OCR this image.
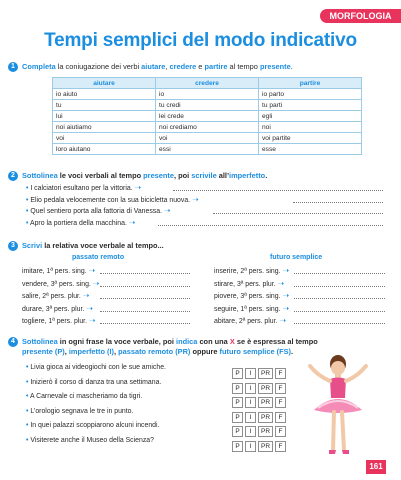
MORFOLOGIA
Tempi semplici del modo indicativo
1 Completa la coniugazione dei verbi aiutare, credere e partire al tempo presente.
aiutare	credere	partire
io aiuto	io	io parto
tu	tu credi	tu parti
lui	lei crede	egli
noi aiutiamo	noi crediamo	noi
voi	voi	voi partite
loro aiutano	essi	esse
2 Sottolinea le voci verbali al tempo presente, poi scrivile all’imperfetto.
• I calciatori esultano per la vittoria. ➝
• Elio pedala velocemente con la sua bicicletta nuova. ➝
• Quel sentiero porta alla fattoria di Vanessa. ➝
• Apro la portiera della macchina. ➝
3 Scrivi la relativa voce verbale al tempo...
passato remoto	futuro semplice
imitare, 1ª pers. sing. ➝	inserire, 2ª pers. sing. ➝
vendere, 3ª pers. sing. ➝	stirare, 3ª pers. plur. ➝
salire, 2ª pers. plur. ➝	piovere, 3ª pers. sing. ➝
durare, 3ª pers. plur. ➝	seguire, 1ª pers. sing. ➝
togliere, 1ª pers. plur. ➝	abitare, 2ª pers. plur. ➝
4 Sottolinea in ogni frase la voce verbale, poi indica con una X se è espressa al tempo
presente (P), imperfetto (I), passato remoto (PR) oppure futuro semplice (FS).
• Livia gioca ai videogiochi con le sue amiche.
P I PR F
• Inizierò il corso di danza tra una settimana.
P I PR F
• A Carnevale ci mascheriamo da tigri.
P I PR F
• L’orologio segnava le tre in punto.
P I PR F
• In quei palazzi scoppiarono alcuni incendi.
P I PR F
• Visiterete anche il Museo della Scienza?
P I PR F
161
